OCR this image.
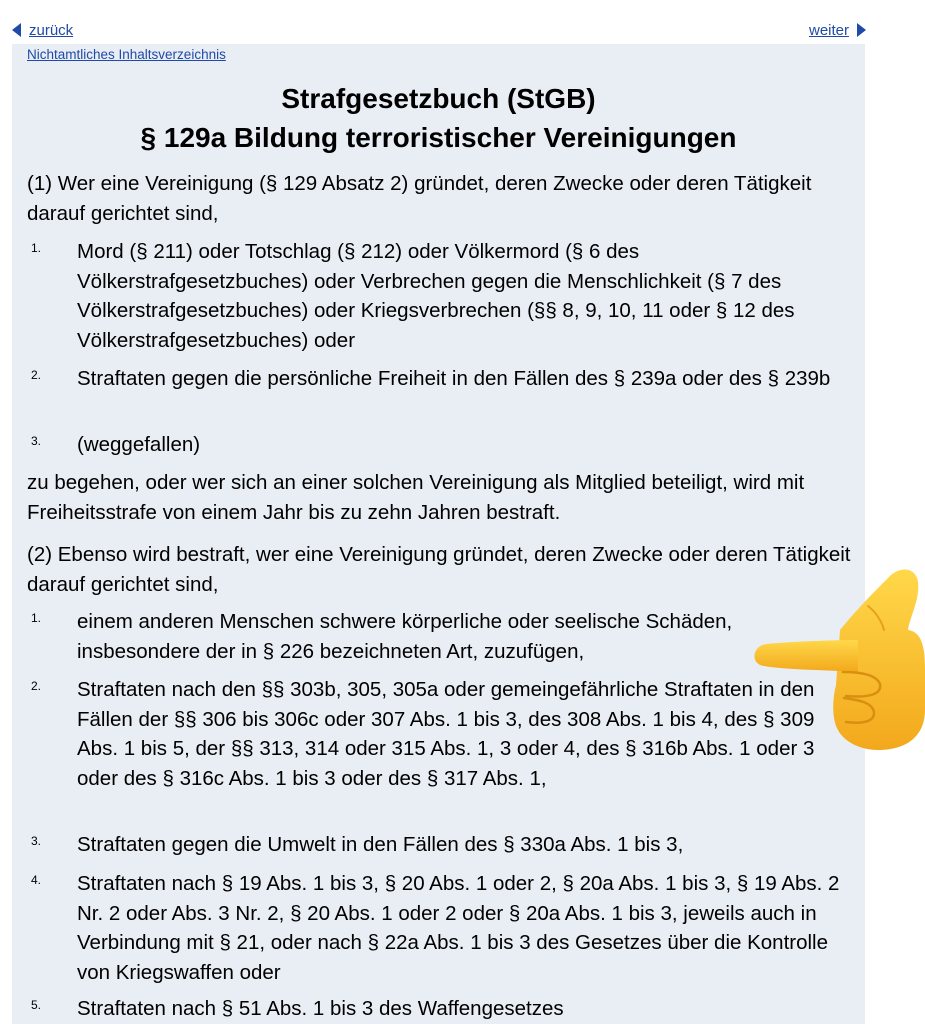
zurück	weiter
Nichtamtliches Inhaltsverzeichnis
Strafgesetzbuch (StGB)
§ 129a Bildung terroristischer Vereinigungen
(1) Wer eine Vereinigung (§ 129 Absatz 2) gründet, deren Zwecke oder deren Tätigkeit darauf gerichtet sind,
1. Mord (§ 211) oder Totschlag (§ 212) oder Völkermord (§ 6 des Völkerstrafgesetzbuches) oder Verbrechen gegen die Menschlichkeit (§ 7 des Völkerstrafgesetzbuches) oder Kriegsverbrechen (§§ 8, 9, 10, 11 oder § 12 des Völkerstrafgesetzbuches) oder
2. Straftaten gegen die persönliche Freiheit in den Fällen des § 239a oder des § 239b
3. (weggefallen)
zu begehen, oder wer sich an einer solchen Vereinigung als Mitglied beteiligt, wird mit Freiheitsstrafe von einem Jahr bis zu zehn Jahren bestraft.
(2) Ebenso wird bestraft, wer eine Vereinigung gründet, deren Zwecke oder deren Tätigkeit darauf gerichtet sind,
1. einem anderen Menschen schwere körperliche oder seelische Schäden, insbesondere der in § 226 bezeichneten Art, zuzufügen,
2. Straftaten nach den §§ 303b, 305, 305a oder gemeingefährliche Straftaten in den Fällen der §§ 306 bis 306c oder 307 Abs. 1 bis 3, des 308 Abs. 1 bis 4, des § 309 Abs. 1 bis 5, der §§ 313, 314 oder 315 Abs. 1, 3 oder 4, des § 316b Abs. 1 oder 3 oder des § 316c Abs. 1 bis 3 oder des § 317 Abs. 1,
3. Straftaten gegen die Umwelt in den Fällen des § 330a Abs. 1 bis 3,
4. Straftaten nach § 19 Abs. 1 bis 3, § 20 Abs. 1 oder 2, § 20a Abs. 1 bis 3, § 19 Abs. 2 Nr. 2 oder Abs. 3 Nr. 2, § 20 Abs. 1 oder 2 oder § 20a Abs. 1 bis 3, jeweils auch in Verbindung mit § 21, oder nach § 22a Abs. 1 bis 3 des Gesetzes über die Kontrolle von Kriegswaffen oder
5. Straftaten nach § 51 Abs. 1 bis 3 des Waffengesetzes
